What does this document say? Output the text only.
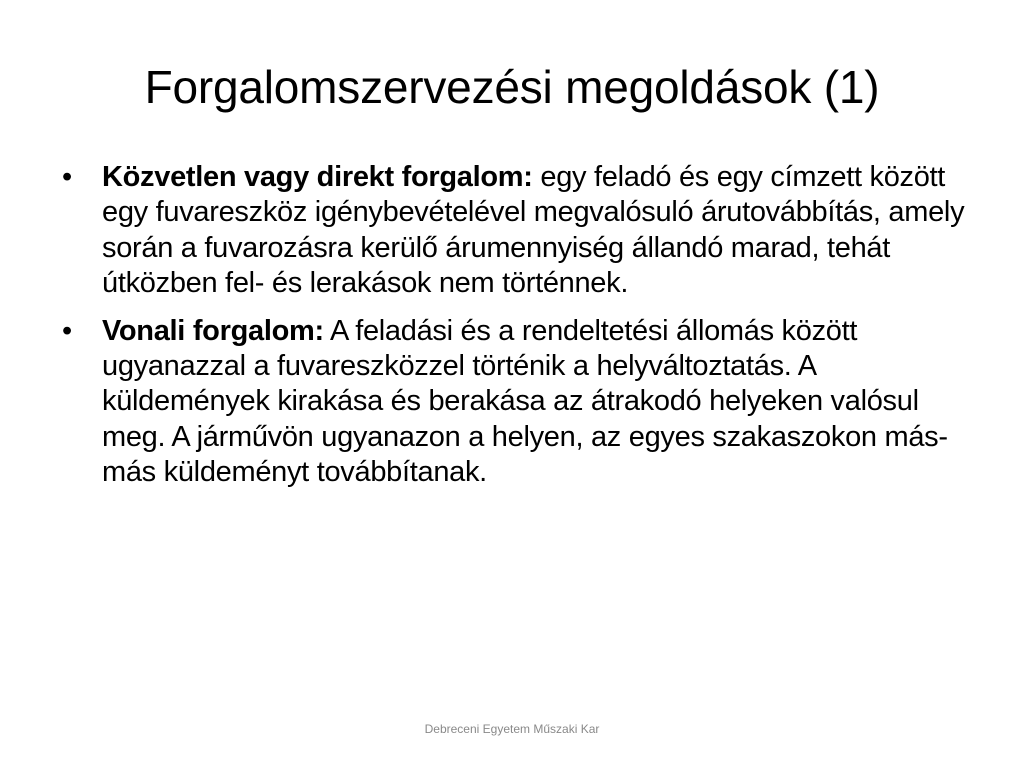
Forgalomszervezési megoldások (1)
•	Közvetlen vagy direkt forgalom: egy feladó és egy címzett között egy fuvareszköz igénybevételével megvalósuló árutovábbítás, amely során a fuvarozásra kerülő árumennyiség állandó marad, tehát útközben fel- és lerakások nem történnek.
•	Vonali forgalom: A feladási és a rendeltetési állomás között ugyanazzal a fuvareszközzel történik a helyváltoztatás. A küldemények kirakása és berakása az átrakodó helyeken valósul meg. A járművön ugyanazon a helyen, az egyes szakaszokon más-más küldeményt továbbítanak.
Debreceni Egyetem Műszaki Kar
